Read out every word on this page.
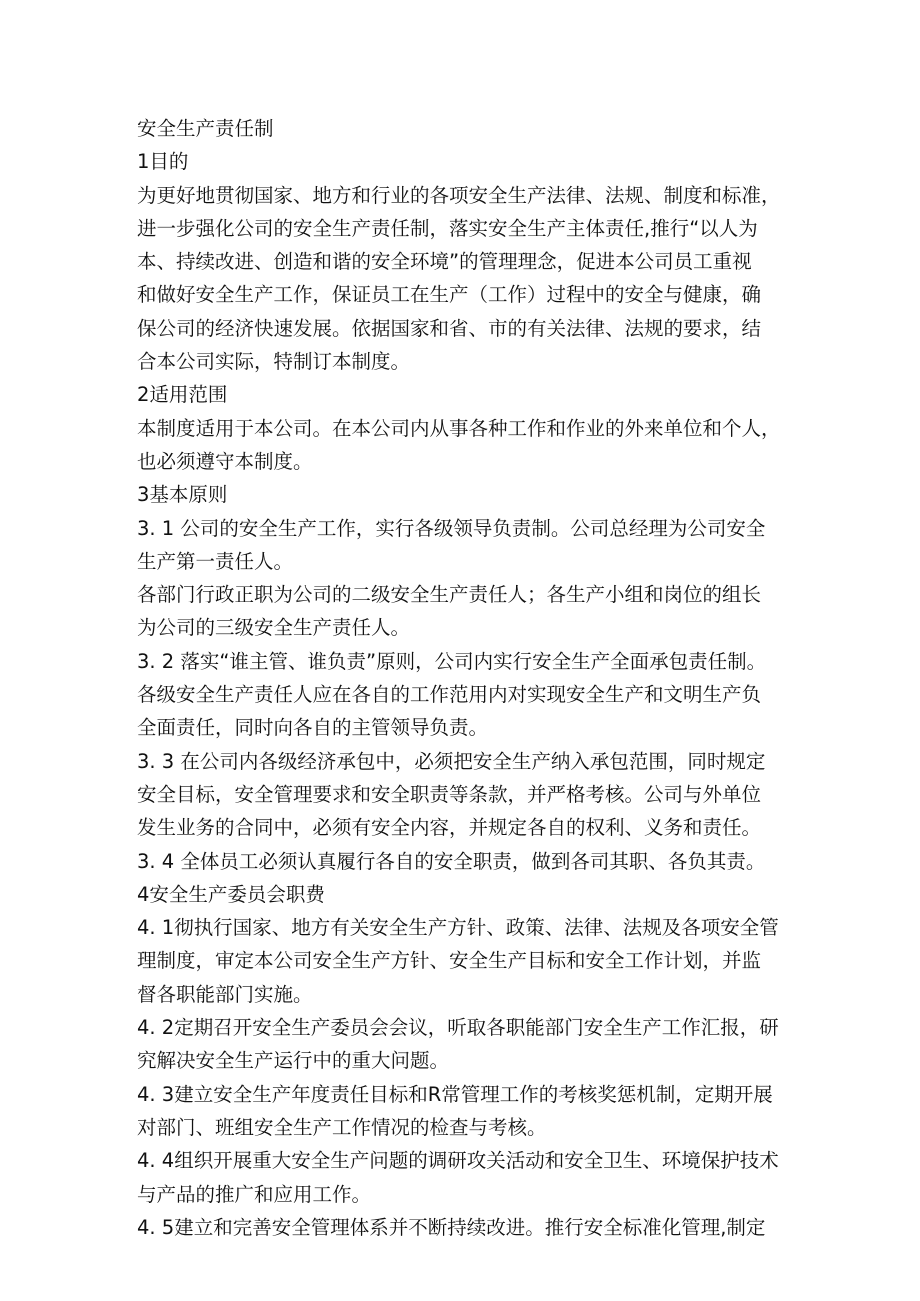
安全生产责任制

1目的

为更好地贯彻国家、地方和行业的各项安全生产法律、法规、制度和标准，

进一步强化公司的安全生产责任制，落实安全生产主体责任,推行“以人为

本、持续改进、创造和谐的安全环境”的管理理念，促进本公司员工重视

和做好安全生产工作，保证员工在生产（工作）过程中的安全与健康，确

保公司的经济快速发展。依据国家和省、市的有关法律、法规的要求，结

合本公司实际，特制订本制度。

2适用范围

本制度适用于本公司。在本公司内从事各种工作和作业的外来单位和个人，

也必须遵守本制度。

3基本原则

3. 1 公司的安全生产工作，实行各级领导负责制。公司总经理为公司安全

生产第一责任人。

各部门行政正职为公司的二级安全生产责任人；各生产小组和岗位的组长

为公司的三级安全生产责任人。

3. 2 落实“谁主管、谁负责”原则，公司内实行安全生产全面承包责任制。

各级安全生产责任人应在各自的工作范用内对实现安全生产和文明生产负

全面责任，同时向各自的主管领导负责。

3. 3 在公司内各级经济承包中，必须把安全生产纳入承包范围，同时规定

安全目标，安全管理要求和安全职责等条款，并严格考核。公司与外单位

发生业务的合同中，必须有安全内容，并规定各自的权利、义务和责任。

3. 4 全体员工必须认真履行各自的安全职责，做到各司其职、各负其责。

4安全生产委员会职费

4. 1彻执行国家、地方有关安全生产方针、政策、法律、法规及各项安全管

理制度，审定本公司安全生产方针、安全生产目标和安全工作计划，并监

督各职能部门实施。

4. 2定期召开安全生产委员会会议，听取各职能部门安全生产工作汇报，研

究解决安全生产运行中的重大问题。

4. 3建立安全生产年度责任目标和R常管理工作的考核奖惩机制，定期开展

对部门、班组安全生产工作情况的检查与考核。

4. 4组织开展重大安全生产问题的调研攻关活动和安全卫生、环境保护技术

与产品的推广和应用工作。

4. 5建立和完善安全管理体系并不断持续改进。推行安全标准化管理,制定
